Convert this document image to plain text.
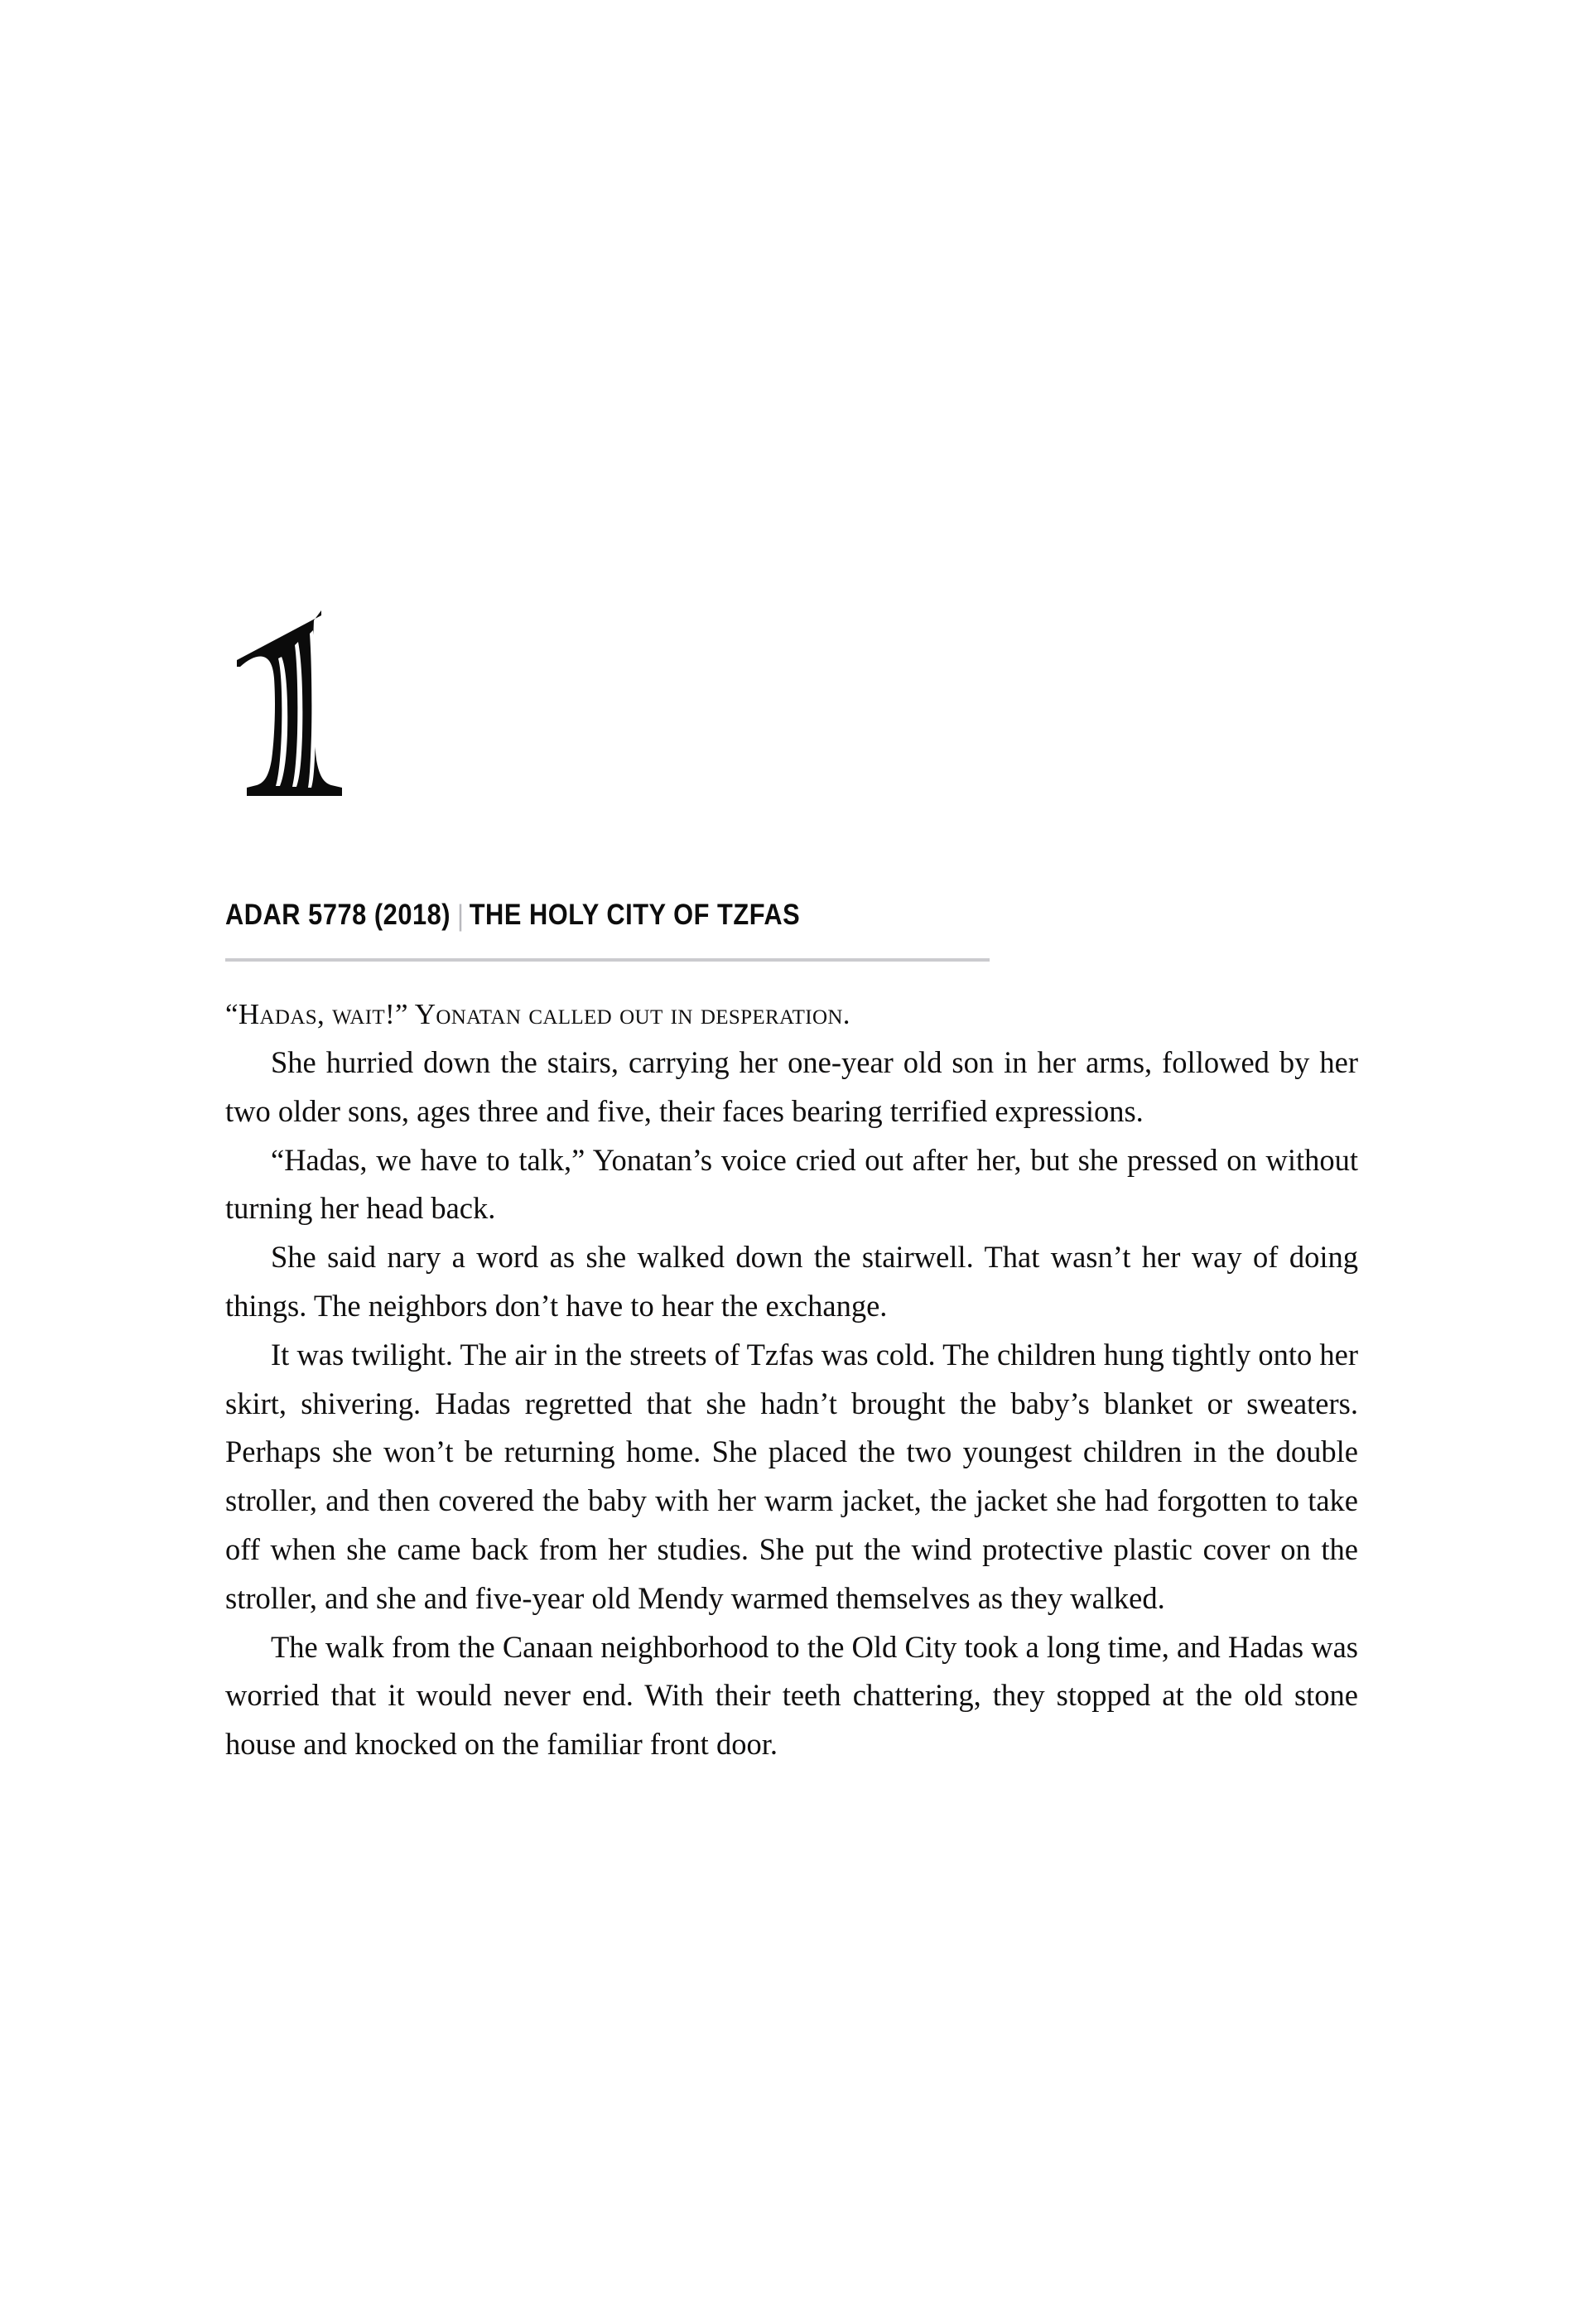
ADAR 5778 (2018) | THE HOLY CITY OF TZFAS

“Hadas, wait!” Yonatan called out in desperation.

She hurried down the stairs, carrying her one-year old son in her arms, followed by her two older sons, ages three and five, their faces bearing terrified expressions.

“Hadas, we have to talk,” Yonatan’s voice cried out after her, but she pressed on without turning her head back.

She said nary a word as she walked down the stairwell. That wasn’t her way of doing things. The neighbors don’t have to hear the exchange.

It was twilight. The air in the streets of Tzfas was cold. The children hung tightly onto her skirt, shivering. Hadas regretted that she hadn’t brought the baby’s blanket or sweaters. Perhaps she won’t be returning home. She placed the two youngest children in the double stroller, and then covered the baby with her warm jacket, the jacket she had forgotten to take off when she came back from her studies. She put the wind protective plastic cover on the stroller, and she and five-year old Mendy warmed themselves as they walked.

The walk from the Canaan neighborhood to the Old City took a long time, and Hadas was worried that it would never end. With their teeth chattering, they stopped at the old stone house and knocked on the familiar front door.
